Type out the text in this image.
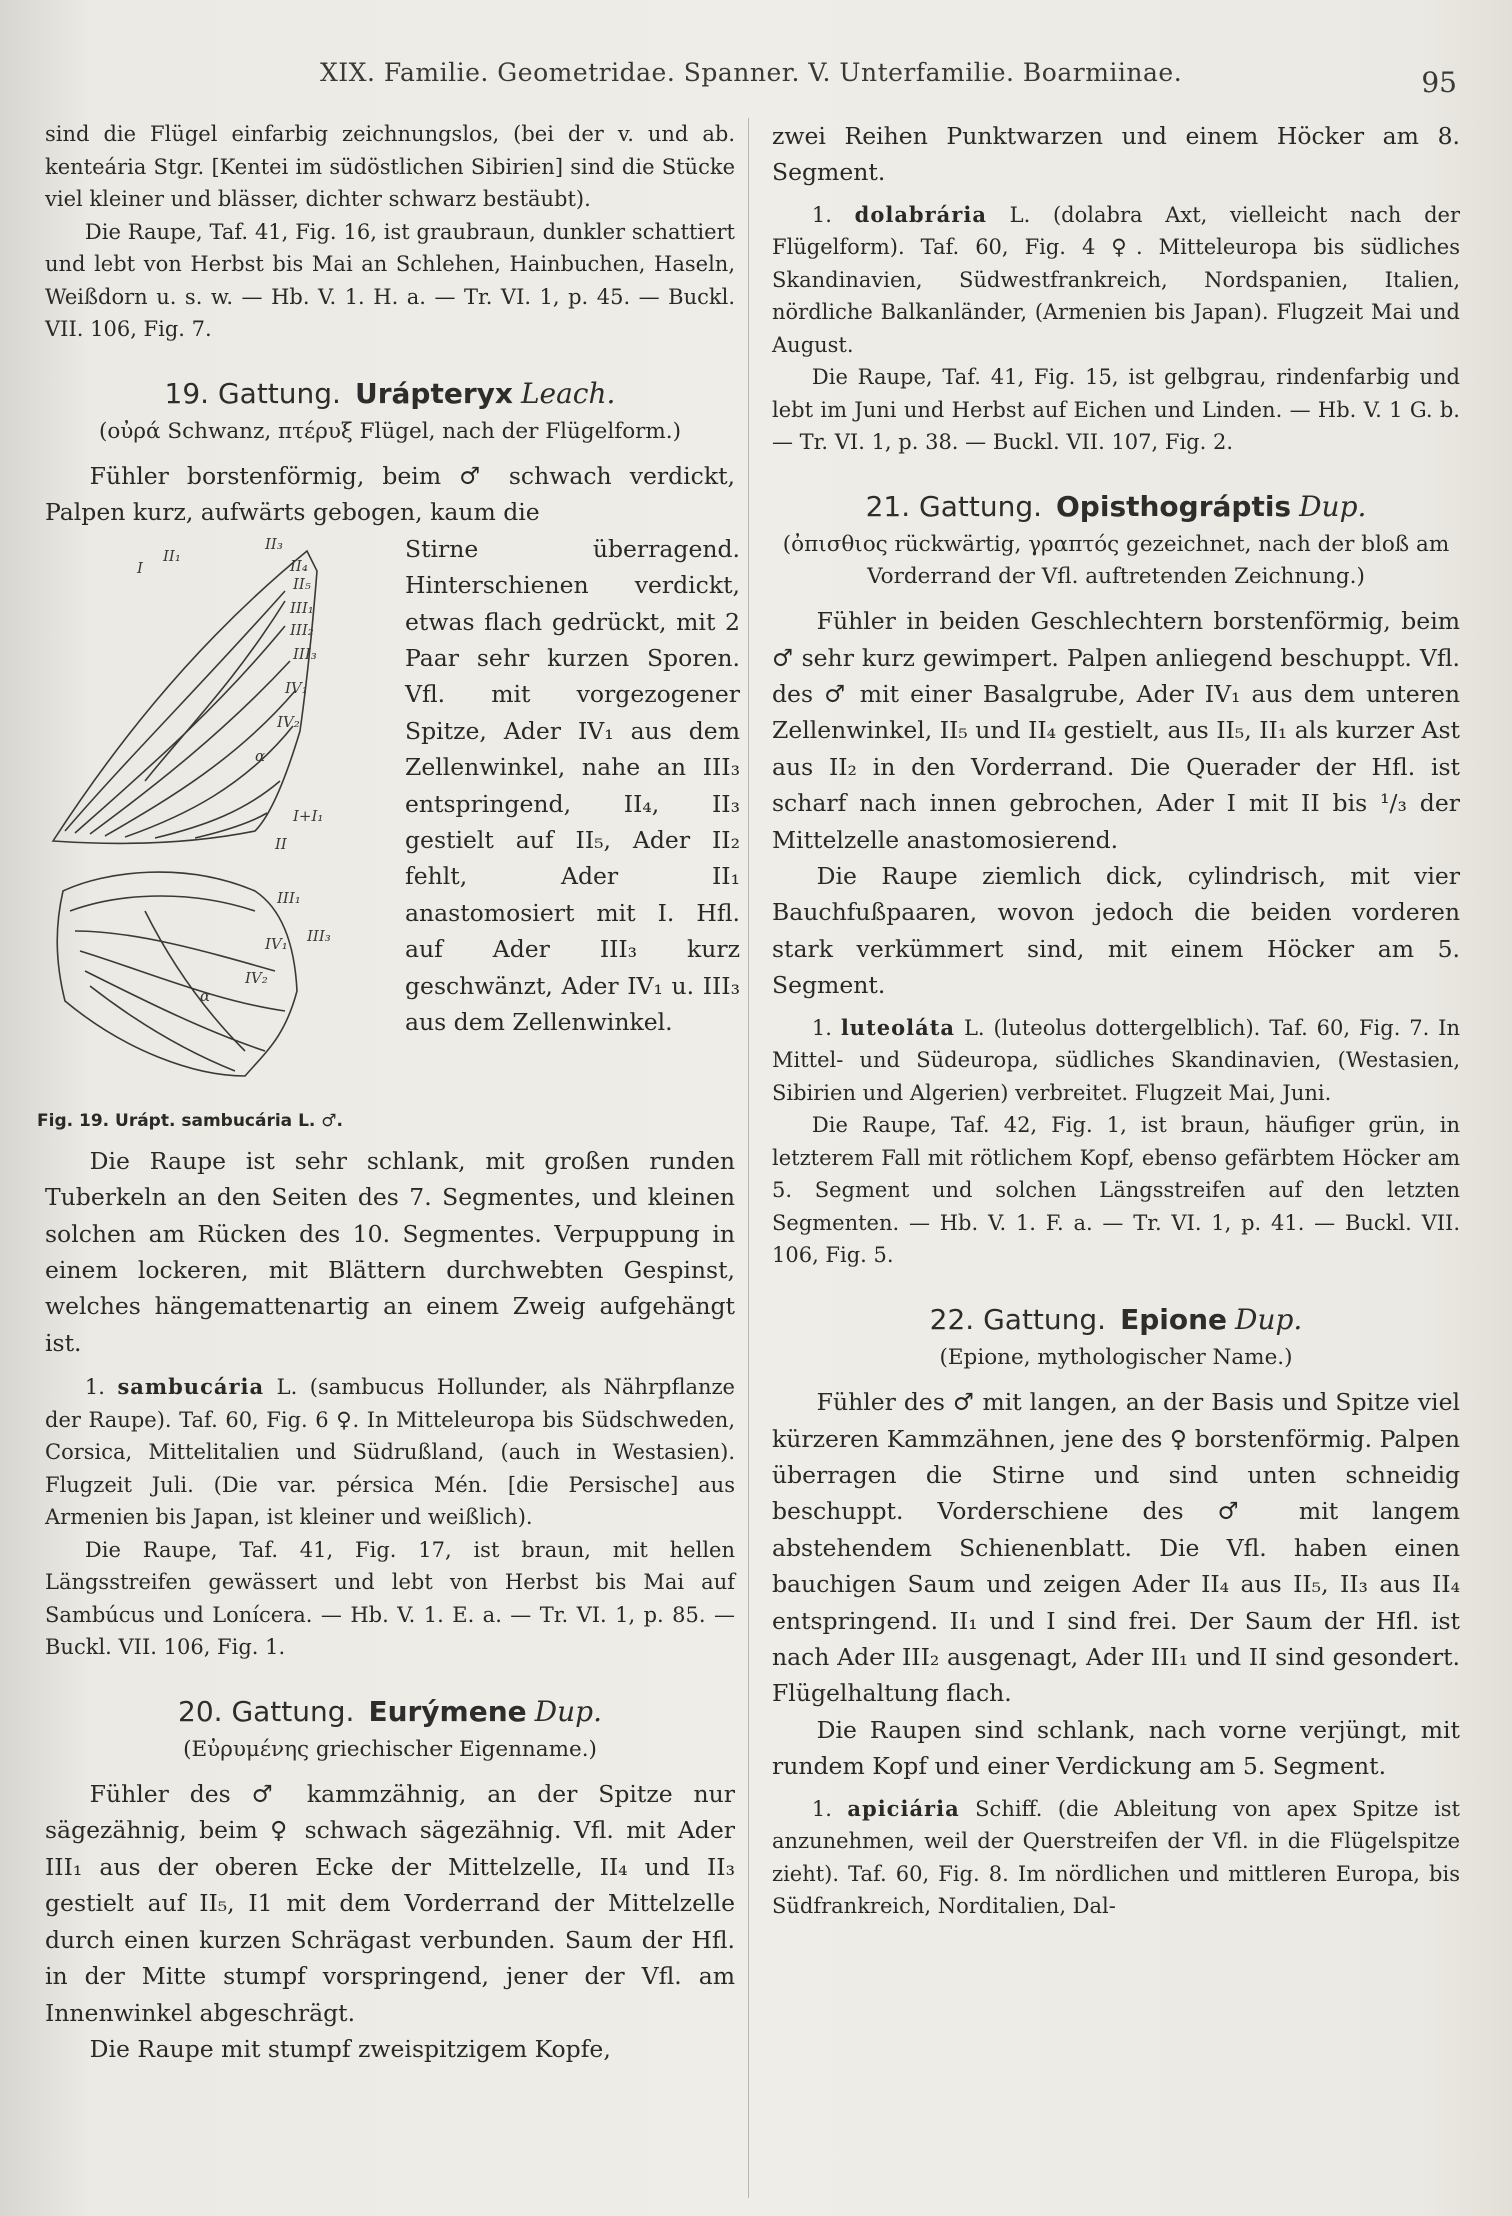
XIX. Familie. Geometridae. Spanner. V. Unterfamilie. Boarmiinae.	95

sind die Flügel einfarbig zeichnungslos, (bei der v. und ab. kenteária Stgr. [Kentei im südöstlichen Sibirien] sind die Stücke viel kleiner und blässer, dichter schwarz bestäubt).

Die Raupe, Taf. 41, Fig. 16, ist graubraun, dunkler schattiert und lebt von Herbst bis Mai an Schlehen, Hainbuchen, Haseln, Weißdorn u. s. w. — Hb. V. 1. H. a. — Tr. VI. 1, p. 45. — Buckl. VII. 106, Fig. 7.

19. Gattung. Urápteryx Leach.
(οὐρά Schwanz, πτέρυξ Flügel, nach der Flügelform.)

Fühler borstenförmig, beim ♂ schwach verdickt, Palpen kurz, aufwärts gebogen, kaum die

II₃
II₁
I	II₄
II₅
III₁
III₂
III₃
IV₁
IV₂
α
I+I₁
II
III₁
III₃
IV₁
IV₂
α

Stirne überragend. Hinterschienen verdickt, etwas flach gedrückt, mit 2 Paar sehr kurzen Sporen. Vfl. mit vorgezogener Spitze, Ader IV₁ aus dem Zellenwinkel, nahe an III₃ entspringend, II₄, II₃ gestielt auf II₅, Ader II₂ fehlt, Ader II₁ anastomosiert mit I. Hfl. auf Ader III₃ kurz geschwänzt, Ader IV₁ u. III₃ aus dem Zellenwinkel.

Fig. 19. Urápt. sambucária L. ♂.

Die Raupe ist sehr schlank, mit großen runden Tuberkeln an den Seiten des 7. Segmentes, und kleinen solchen am Rücken des 10. Segmentes. Verpuppung in einem lockeren, mit Blättern durchwebten Gespinst, welches hängemattenartig an einem Zweig aufgehängt ist.

1. sambucária L. (sambucus Hollunder, als Nährpflanze der Raupe). Taf. 60, Fig. 6 ♀. In Mitteleuropa bis Südschweden, Corsica, Mittelitalien und Südrußland, (auch in Westasien). Flugzeit Juli. (Die var. pérsica Mén. [die Persische] aus Armenien bis Japan, ist kleiner und weißlich).

Die Raupe, Taf. 41, Fig. 17, ist braun, mit hellen Längsstreifen gewässert und lebt von Herbst bis Mai auf Sambúcus und Lonícera. — Hb. V. 1. E. a. — Tr. VI. 1, p. 85. — Buckl. VII. 106, Fig. 1.

20. Gattung. Eurýmene Dup.
(Εὐρυμένης griechischer Eigenname.)

Fühler des ♂ kammzähnig, an der Spitze nur sägezähnig, beim ♀ schwach sägezähnig. Vfl. mit Ader III₁ aus der oberen Ecke der Mittelzelle, II₄ und II₃ gestielt auf II₅, I1 mit dem Vorderrand der Mittelzelle durch einen kurzen Schrägast verbunden. Saum der Hfl. in der Mitte stumpf vorspringend, jener der Vfl. am Innenwinkel abgeschrägt.

Die Raupe mit stumpf zweispitzigem Kopfe,

zwei Reihen Punktwarzen und einem Höcker am 8. Segment.

1. dolabrária L. (dolabra Axt, vielleicht nach der Flügelform). Taf. 60, Fig. 4 ♀. Mitteleuropa bis südliches Skandinavien, Südwestfrankreich, Nordspanien, Italien, nördliche Balkanländer, (Armenien bis Japan). Flugzeit Mai und August.

Die Raupe, Taf. 41, Fig. 15, ist gelbgrau, rindenfarbig und lebt im Juni und Herbst auf Eichen und Linden. — Hb. V. 1 G. b. — Tr. VI. 1, p. 38. — Buckl. VII. 107, Fig. 2.

21. Gattung. Opisthográptis Dup.
(ὀπισθιος rückwärtig, γραπτός gezeichnet, nach der bloß am Vorderrand der Vfl. auftretenden Zeichnung.)

Fühler in beiden Geschlechtern borstenförmig, beim ♂ sehr kurz gewimpert. Palpen anliegend beschuppt. Vfl. des ♂ mit einer Basalgrube, Ader IV₁ aus dem unteren Zellenwinkel, II₅ und II₄ gestielt, aus II₅, II₁ als kurzer Ast aus II₂ in den Vorderrand. Die Querader der Hfl. ist scharf nach innen gebrochen, Ader I mit II bis ¹/₃ der Mittelzelle anastomosierend.

Die Raupe ziemlich dick, cylindrisch, mit vier Bauchfußpaaren, wovon jedoch die beiden vorderen stark verkümmert sind, mit einem Höcker am 5. Segment.

1. luteoláta L. (luteolus dottergelblich). Taf. 60, Fig. 7. In Mittel- und Südeuropa, südliches Skandinavien, (Westasien, Sibirien und Algerien) verbreitet. Flugzeit Mai, Juni.

Die Raupe, Taf. 42, Fig. 1, ist braun, häufiger grün, in letzterem Fall mit rötlichem Kopf, ebenso gefärbtem Höcker am 5. Segment und solchen Längsstreifen auf den letzten Segmenten. — Hb. V. 1. F. a. — Tr. VI. 1, p. 41. — Buckl. VII. 106, Fig. 5.

22. Gattung. Epione Dup.
(Epione, mythologischer Name.)

Fühler des ♂ mit langen, an der Basis und Spitze viel kürzeren Kammzähnen, jene des ♀ borstenförmig. Palpen überragen die Stirne und sind unten schneidig beschuppt. Vorderschiene des ♂ mit langem abstehendem Schienenblatt. Die Vfl. haben einen bauchigen Saum und zeigen Ader II₄ aus II₅, II₃ aus II₄ entspringend. II₁ und I sind frei. Der Saum der Hfl. ist nach Ader III₂ ausgenagt, Ader III₁ und II sind gesondert. Flügelhaltung flach.

Die Raupen sind schlank, nach vorne verjüngt, mit rundem Kopf und einer Verdickung am 5. Segment.

1. apiciária Schiff. (die Ableitung von apex Spitze ist anzunehmen, weil der Querstreifen der Vfl. in die Flügelspitze zieht). Taf. 60, Fig. 8. Im nördlichen und mittleren Europa, bis Südfrankreich, Norditalien, Dal-
